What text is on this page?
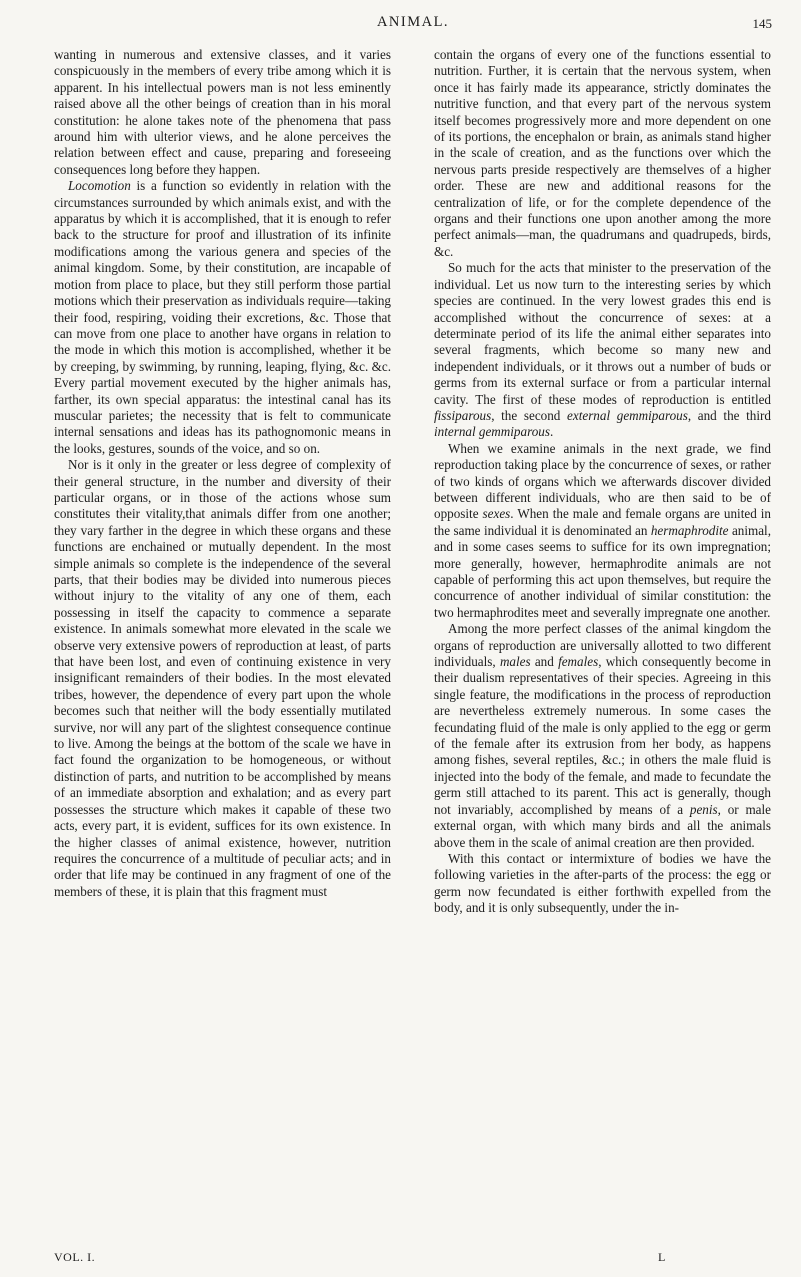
ANIMAL.	145

wanting in numerous and extensive classes, and it varies conspicuously in the members of every tribe among which it is apparent. In his intellectual powers man is not less eminently raised above all the other beings of creation than in his moral constitution: he alone takes note of the phenomena that pass around him with ulterior views, and he alone perceives the relation between effect and cause, preparing and foreseeing consequences long before they happen.

Locomotion is a function so evidently in relation with the circumstances surrounded by which animals exist, and with the apparatus by which it is accomplished, that it is enough to refer back to the structure for proof and illustration of its infinite modifications among the various genera and species of the animal kingdom. Some, by their constitution, are incapable of motion from place to place, but they still perform those partial motions which their preservation as individuals require—taking their food, respiring, voiding their excretions, &c. Those that can move from one place to another have organs in relation to the mode in which this motion is accomplished, whether it be by creeping, by swimming, by running, leaping, flying, &c. &c. Every partial movement executed by the higher animals has, farther, its own special apparatus: the intestinal canal has its muscular parietes; the necessity that is felt to communicate internal sensations and ideas has its pathognomonic means in the looks, gestures, sounds of the voice, and so on.

Nor is it only in the greater or less degree of complexity of their general structure, in the number and diversity of their particular organs, or in those of the actions whose sum constitutes their vitality,that animals differ from one another; they vary farther in the degree in which these organs and these functions are enchained or mutually dependent. In the most simple animals so complete is the independence of the several parts, that their bodies may be divided into numerous pieces without injury to the vitality of any one of them, each possessing in itself the capacity to commence a separate existence. In animals somewhat more elevated in the scale we observe very extensive powers of reproduction at least, of parts that have been lost, and even of continuing existence in very insignificant remainders of their bodies. In the most elevated tribes, however, the dependence of every part upon the whole becomes such that neither will the body essentially mutilated survive, nor will any part of the slightest consequence continue to live. Among the beings at the bottom of the scale we have in fact found the organization to be homogeneous, or without distinction of parts, and nutrition to be accomplished by means of an immediate absorption and exhalation; and as every part possesses the structure which makes it capable of these two acts, every part, it is evident, suffices for its own existence. In the higher classes of animal existence, however, nutrition requires the concurrence of a multitude of peculiar acts; and in order that life may be continued in any fragment of one of the members of these, it is plain that this fragment must

contain the organs of every one of the functions essential to nutrition. Further, it is certain that the nervous system, when once it has fairly made its appearance, strictly dominates the nutritive function, and that every part of the nervous system itself becomes progressively more and more dependent on one of its portions, the encephalon or brain, as animals stand higher in the scale of creation, and as the functions over which the nervous parts preside respectively are themselves of a higher order. These are new and additional reasons for the centralization of life, or for the complete dependence of the organs and their functions one upon another among the more perfect animals—man, the quadrumans and quadrupeds, birds, &c.

So much for the acts that minister to the preservation of the individual. Let us now turn to the interesting series by which species are continued. In the very lowest grades this end is accomplished without the concurrence of sexes: at a determinate period of its life the animal either separates into several fragments, which become so many new and independent individuals, or it throws out a number of buds or germs from its external surface or from a particular internal cavity. The first of these modes of reproduction is entitled fissiparous, the second external gemmiparous, and the third internal gemmiparous.

When we examine animals in the next grade, we find reproduction taking place by the concurrence of sexes, or rather of two kinds of organs which we afterwards discover divided between different individuals, who are then said to be of opposite sexes. When the male and female organs are united in the same individual it is denominated an hermaphrodite animal, and in some cases seems to suffice for its own impregnation; more generally, however, hermaphrodite animals are not capable of performing this act upon themselves, but require the concurrence of another individual of similar constitution: the two hermaphrodites meet and severally impregnate one another.

Among the more perfect classes of the animal kingdom the organs of reproduction are universally allotted to two different individuals, males and females, which consequently become in their dualism representatives of their species. Agreeing in this single feature, the modifications in the process of reproduction are nevertheless extremely numerous. In some cases the fecundating fluid of the male is only applied to the egg or germ of the female after its extrusion from her body, as happens among fishes, several reptiles, &c.; in others the male fluid is injected into the body of the female, and made to fecundate the germ still attached to its parent. This act is generally, though not invariably, accomplished by means of a penis, or male external organ, with which many birds and all the animals above them in the scale of animal creation are then provided.

With this contact or intermixture of bodies we have the following varieties in the after-parts of the process: the egg or germ now fecundated is either forthwith expelled from the body, and it is only subsequently, under the in-

VOL. I.	L
